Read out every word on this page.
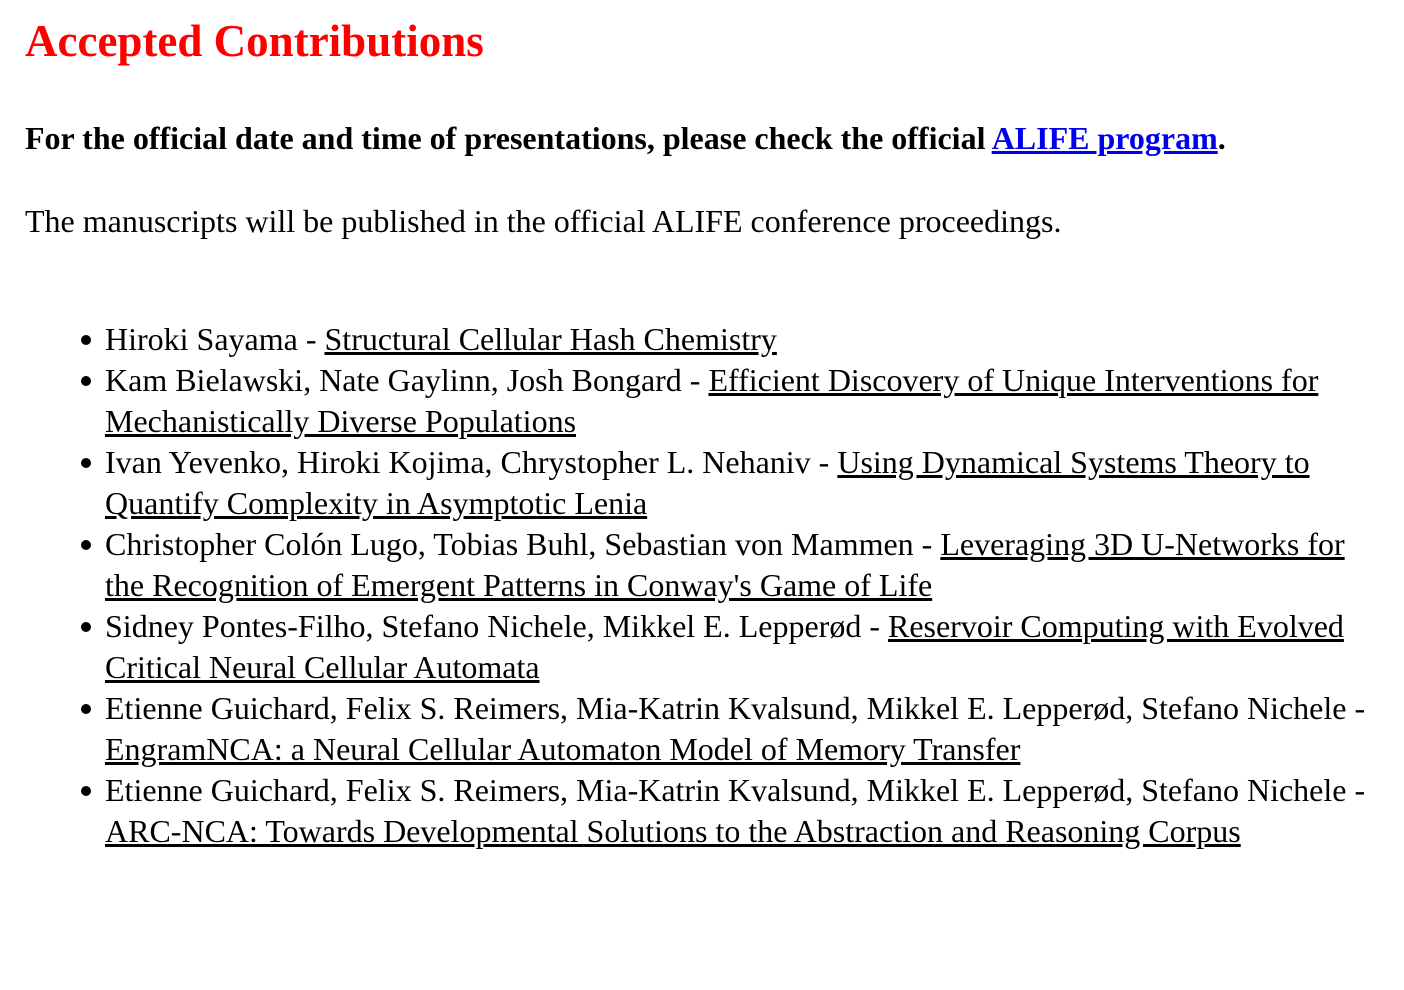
Accepted Contributions

For the official date and time of presentations, please check the official ALIFE program.

The manuscripts will be published in the official ALIFE conference proceedings.

Hiroki Sayama - Structural Cellular Hash Chemistry
Kam Bielawski, Nate Gaylinn, Josh Bongard - Efficient Discovery of Unique Interventions for Mechanistically Diverse Populations
Ivan Yevenko, Hiroki Kojima, Chrystopher L. Nehaniv - Using Dynamical Systems Theory to Quantify Complexity in Asymptotic Lenia
Christopher Colón Lugo, Tobias Buhl, Sebastian von Mammen - Leveraging 3D U-Networks for the Recognition of Emergent Patterns in Conway's Game of Life
Sidney Pontes-Filho, Stefano Nichele, Mikkel E. Lepperød - Reservoir Computing with Evolved Critical Neural Cellular Automata
Etienne Guichard, Felix S. Reimers, Mia-Katrin Kvalsund, Mikkel E. Lepperød, Stefano Nichele - EngramNCA: a Neural Cellular Automaton Model of Memory Transfer
Etienne Guichard, Felix S. Reimers, Mia-Katrin Kvalsund, Mikkel E. Lepperød, Stefano Nichele - ARC-NCA: Towards Developmental Solutions to the Abstraction and Reasoning Corpus
